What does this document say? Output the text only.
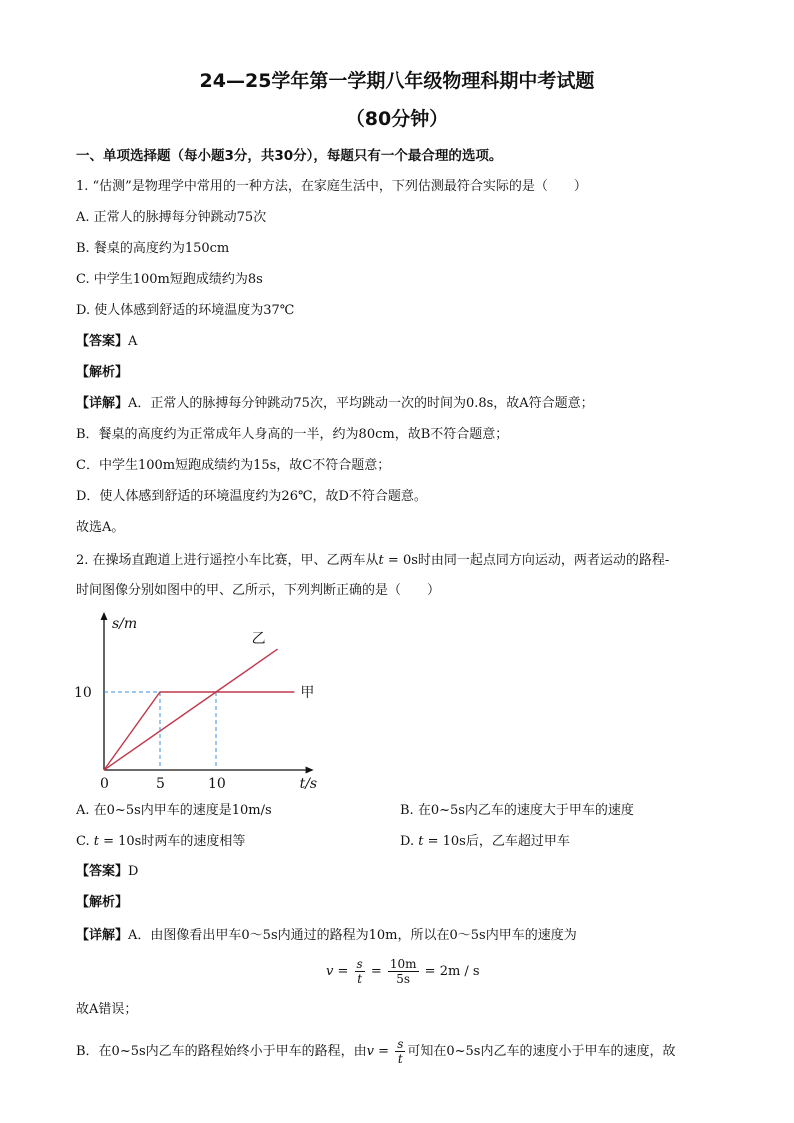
24—25学年第一学期八年级物理科期中考试题
（80分钟）
一、单项选择题（每小题3分，共30分），每题只有一个最合理的选项。
1. “估测”是物理学中常用的一种方法，在家庭生活中，下列估测最符合实际的是（　　）
A. 正常人的脉搏每分钟跳动75次
B. 餐桌的高度约为150cm
C. 中学生100m短跑成绩约为8s
D. 使人体感到舒适的环境温度为37℃
【答案】A
【解析】
【详解】A．正常人的脉搏每分钟跳动75次，平均跳动一次的时间为0.8s，故A符合题意；
B．餐桌的高度约为正常成年人身高的一半，约为80cm，故B不符合题意；
C．中学生100m短跑成绩约为15s，故C不符合题意；
D．使人体感到舒适的环境温度约为26℃，故D不符合题意。
故选A。
2. 在操场直跑道上进行遥控小车比赛，甲、乙两车从t = 0s时由同一起点同方向运动，两者运动的路程-
时间图像分别如图中的甲、乙所示，下列判断正确的是（　　）
甲
乙
0	5	10
10
t/s
s/m
A. 在0~5s内甲车的速度是10m/s	B. 在0~5s内乙车的速度大于甲车的速度
C. t = 10s时两车的速度相等	D. t = 10s后，乙车超过甲车
【答案】D
【解析】
【详解】A．由图像看出甲车0～5s内通过的路程为10m，所以在0～5s内甲车的速度为
$v = \frac{s}{t} = \frac{10m}{5s} = 2m / s$
故A错误；
B．在0~5s内乙车的路程始终小于甲车的路程，由$v = \frac{s}{t}$ 可知在0~5s内乙车的速度小于甲车的速度，故
